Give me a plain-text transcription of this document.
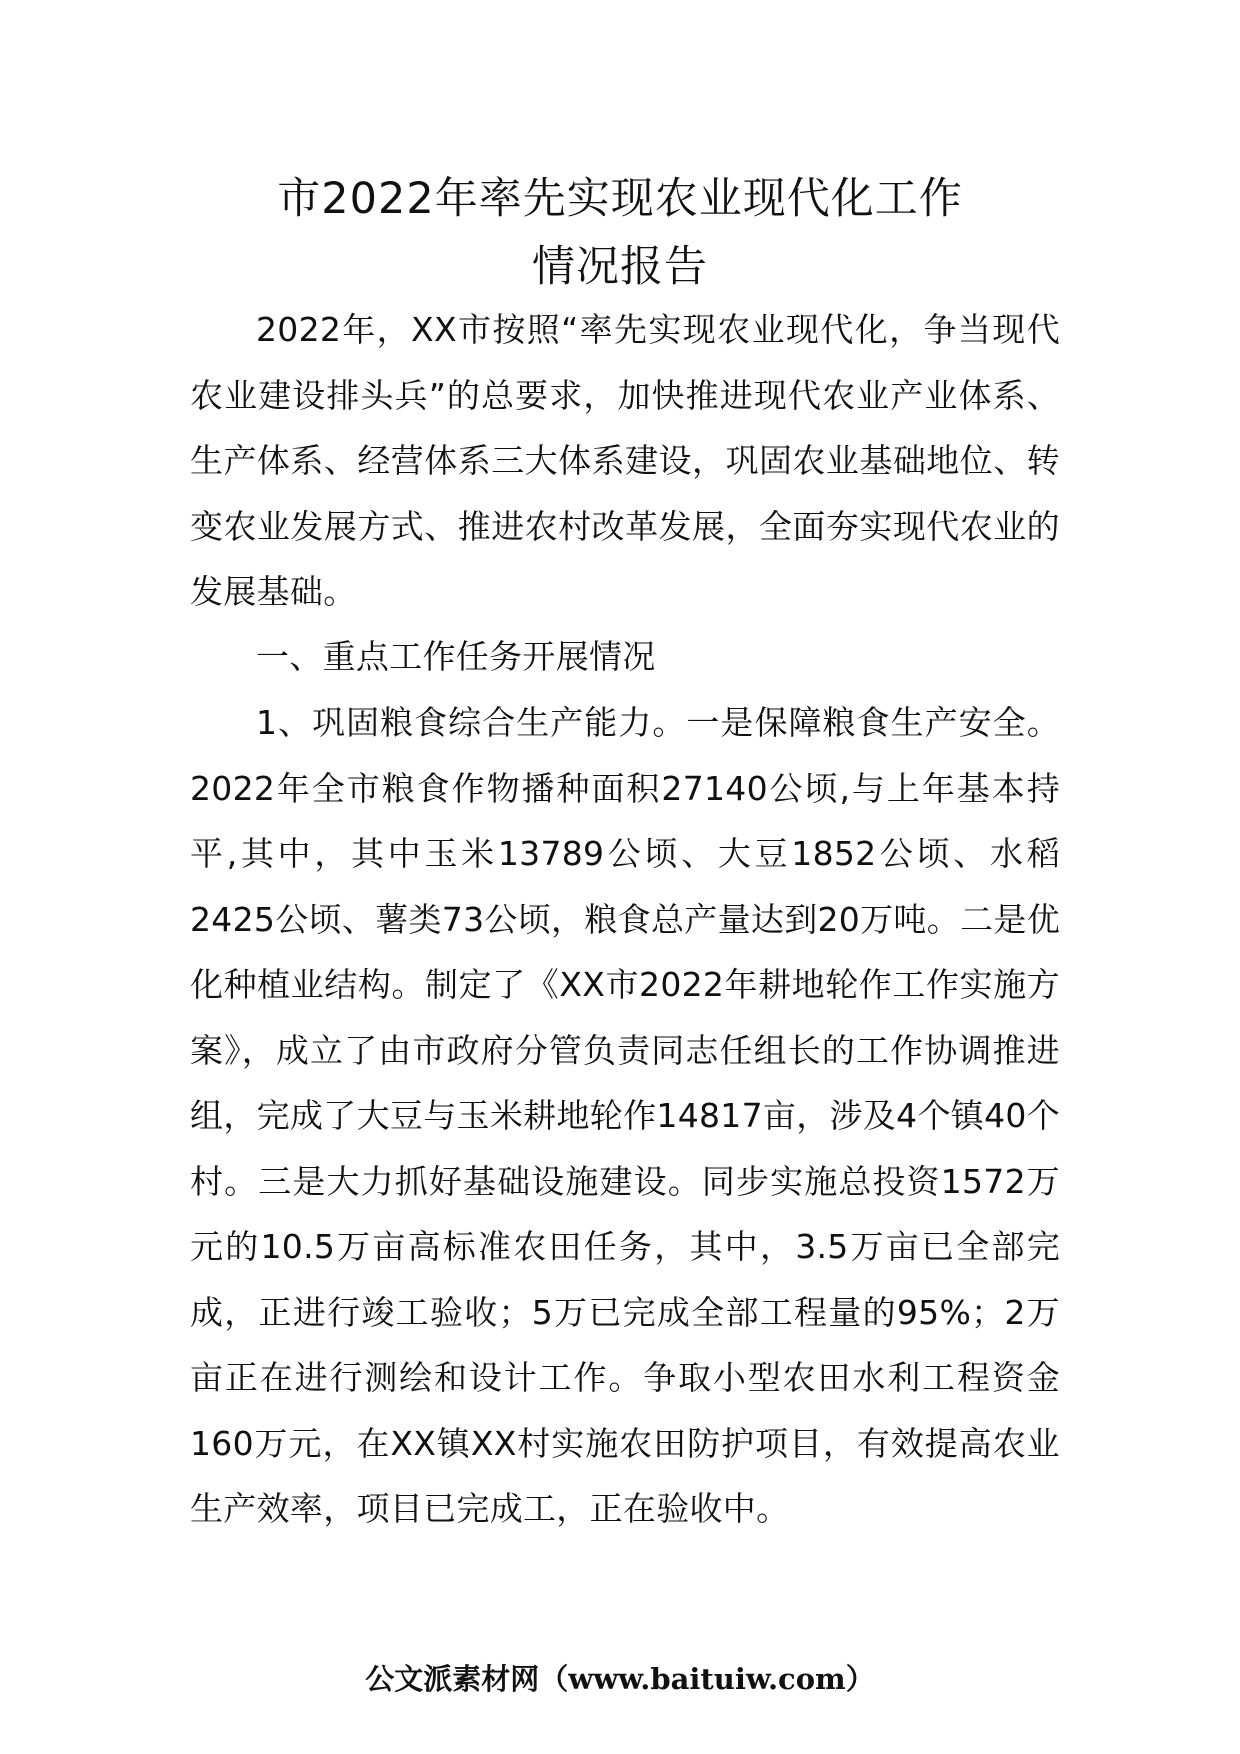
市2022年率先实现农业现代化工作
情况报告

2022年，XX市按照“率先实现农业现代化，争当现代农业建设排头兵”的总要求，加快推进现代农业产业体系、生产体系、经营体系三大体系建设，巩固农业基础地位、转变农业发展方式、推进农村改革发展，全面夯实现代农业的发展基础。

一、重点工作任务开展情况

1、巩固粮食综合生产能力。一是保障粮食生产安全。2022年全市粮食作物播种面积27140公顷,与上年基本持平,其中，其中玉米13789公顷、大豆1852公顷、水稻2425公顷、薯类73公顷，粮食总产量达到20万吨。二是优化种植业结构。制定了《XX市2022年耕地轮作工作实施方案》，成立了由市政府分管负责同志任组长的工作协调推进组，完成了大豆与玉米耕地轮作14817亩，涉及4个镇40个村。三是大力抓好基础设施建设。同步实施总投资1572万元的10.5万亩高标准农田任务，其中，3.5万亩已全部完成，正进行竣工验收；5万已完成全部工程量的95%；2万亩正在进行测绘和设计工作。争取小型农田水利工程资金160万元，在XX镇XX村实施农田防护项目，有效提高农业生产效率，项目已完成工，正在验收中。

公文派素材网（www.baituiw.com）
